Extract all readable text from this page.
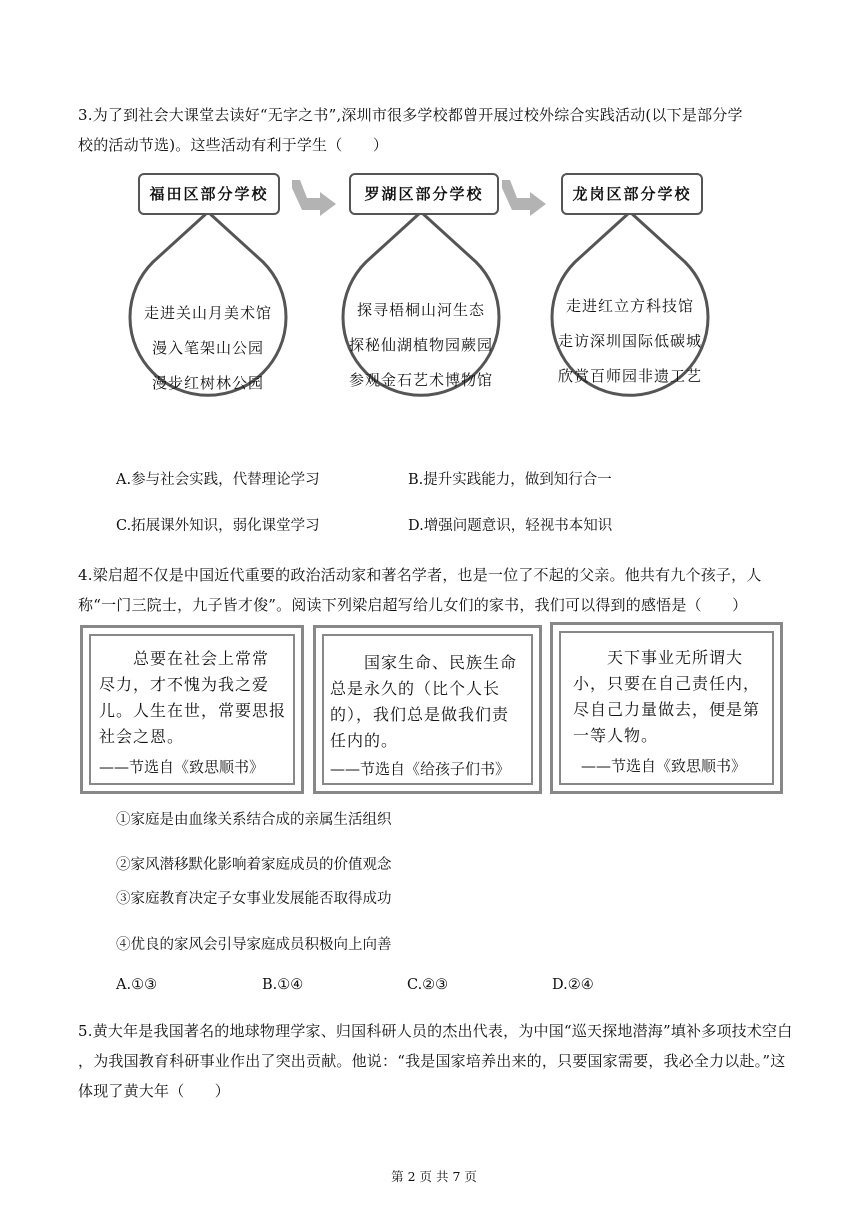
3.为了到社会大课堂去读好“无字之书”,深圳市很多学校都曾开展过校外综合实践活动(以下是部分学
校的活动节选)。这些活动有利于学生（　　）
福田区部分学校	罗湖区部分学校	龙岗区部分学校
走进关山月美术馆
漫入笔架山公园
漫步红树林公园
探寻梧桐山河生态
探秘仙湖植物园蕨园
参观金石艺术博物馆
走进红立方科技馆
走访深圳国际低碳城
欣赏百师园非遗工艺
A.参与社会实践，代替理论学习	B.提升实践能力，做到知行合一
C.拓展课外知识，弱化课堂学习	D.增强问题意识，轻视书本知识
4.梁启超不仅是中国近代重要的政治活动家和著名学者，也是一位了不起的父亲。他共有九个孩子，人
称“一门三院士，九子皆才俊”。阅读下列梁启超写给儿女们的家书，我们可以得到的感悟是（　　）
　　总要在社会上常常
尽力，才不愧为我之爱
儿。人生在世，常要思报
社会之恩。
——节选自《致思顺书》
　　国家生命、民族生命
总是永久的（比个人长
的），我们总是做我们责
任内的。
——节选自《给孩子们书》
　　天下事业无所谓大
小，只要在自己责任内，
尽自己力量做去，便是第
一等人物。
——节选自《致思顺书》
①家庭是由血缘关系结合成的亲属生活组织
②家风潜移默化影响着家庭成员的价值观念
③家庭教育决定子女事业发展能否取得成功
④优良的家风会引导家庭成员积极向上向善
A.①③	B.①④	C.②③	D.②④
5.黄大年是我国著名的地球物理学家、归国科研人员的杰出代表，为中国“巡天探地潜海”填补多项技术空白
，为我国教育科研事业作出了突出贡献。他说：“我是国家培养出来的，只要国家需要，我必全力以赴。”这
体现了黄大年（　　）
第 2 页 共 7 页
